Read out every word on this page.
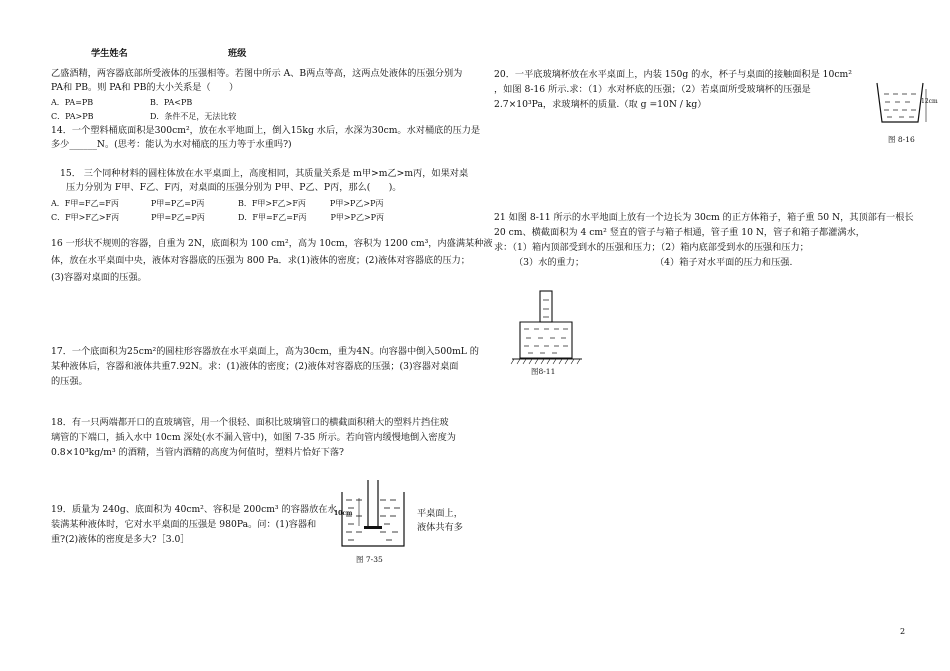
学生姓名	班级
乙盛酒精，两容器底部所受液体的压强相等。若图中所示 A、B两点等高，这两点处液体的压强分别为
PA和 PB。则 PA和 PB的大小关系是（　　）
A．PA=PB	B．PA<PB
C．PA>PB	D．条件不足，无法比较
14．一个塑料桶底面积是300cm²，放在水平地面上，倒入15kg 水后，水深为30cm。水对桶底的压力是
多少______N。(思考：能认为水对桶底的压力等于水重吗?)
15． 三个同种材料的圆柱体放在水平桌面上，高度相同，其质量关系是 m甲>m乙>m丙，如果对桌
压力分别为 F甲、F乙、F丙，对桌面的压强分别为 P甲、P乙、P丙，那么(　　)。
A．F甲=F乙=F丙　　　　P甲=P乙=P丙	B．F甲>F乙>F丙　　　P甲>P乙>P丙
C．F甲>F乙>F丙　　　　P甲=P乙=P丙	D．F甲=F乙=F丙　　　P甲>P乙>P丙
16 一形状不规则的容器，自重为 2N，底面积为 100 cm²，高为 10cm，容积为 1200 cm³，内盛满某种液
体，放在水平桌面中央，液体对容器底的压强为 800 Pa．求(1)液体的密度；(2)液体对容器底的压力；
(3)容器对桌面的压强。
17．一个底面积为25cm²的圆柱形容器放在水平桌面上，高为30cm，重为4N。向容器中倒入500mL 的
某种液体后，容器和液体共重7.92N。求：(1)液体的密度；(2)液体对容器底的压强；(3)容器对桌面
的压强。
18．有一只两端都开口的直玻璃管，用一个很轻、面积比玻璃管口的横截面积稍大的塑料片挡住玻
璃管的下端口，插入水中 10cm 深处(水不漏入管中)，如图 7-35 所示。若向管内缓慢地倒入密度为
0.8×10³kg/m³ 的酒精，当管内酒精的高度为何值时，塑料片恰好下落?
19．质量为 240g、底面积为 40cm²、容积是 200cm³ 的容器放在水	平桌面上，
装满某种液体时，它对水平桌面的压强是 980Pa。问：(1)容器和	液体共有多
重?(2)液体的密度是多大?［3.0］
10cm
图 7-35
20．一平底玻璃杯放在水平桌面上，内装 150g 的水，杯子与桌面的接触面积是 10cm²
，如图 8-16 所示.求：（1）水对杯底的压强；（2）若桌面所受玻璃杯的压强是
2.7×10³Pa，求玻璃杯的质量.（取 g =10N / kg）	12cm
图 8-16
21 如图 8-11 所示的水平地面上放有一个边长为 30cm 的正方体箱子，箱子重 50 N，其顶部有一根长
20 cm、横截面积为 4 cm² 竖直的管子与箱子相通，管子重 10 N，管子和箱子都灌满水，
求：（1）箱内顶部受到水的压强和压力；（2）箱内底部受到水的压强和压力；
（3）水的重力；	（4）箱子对水平面的压力和压强.
图8-11
2
